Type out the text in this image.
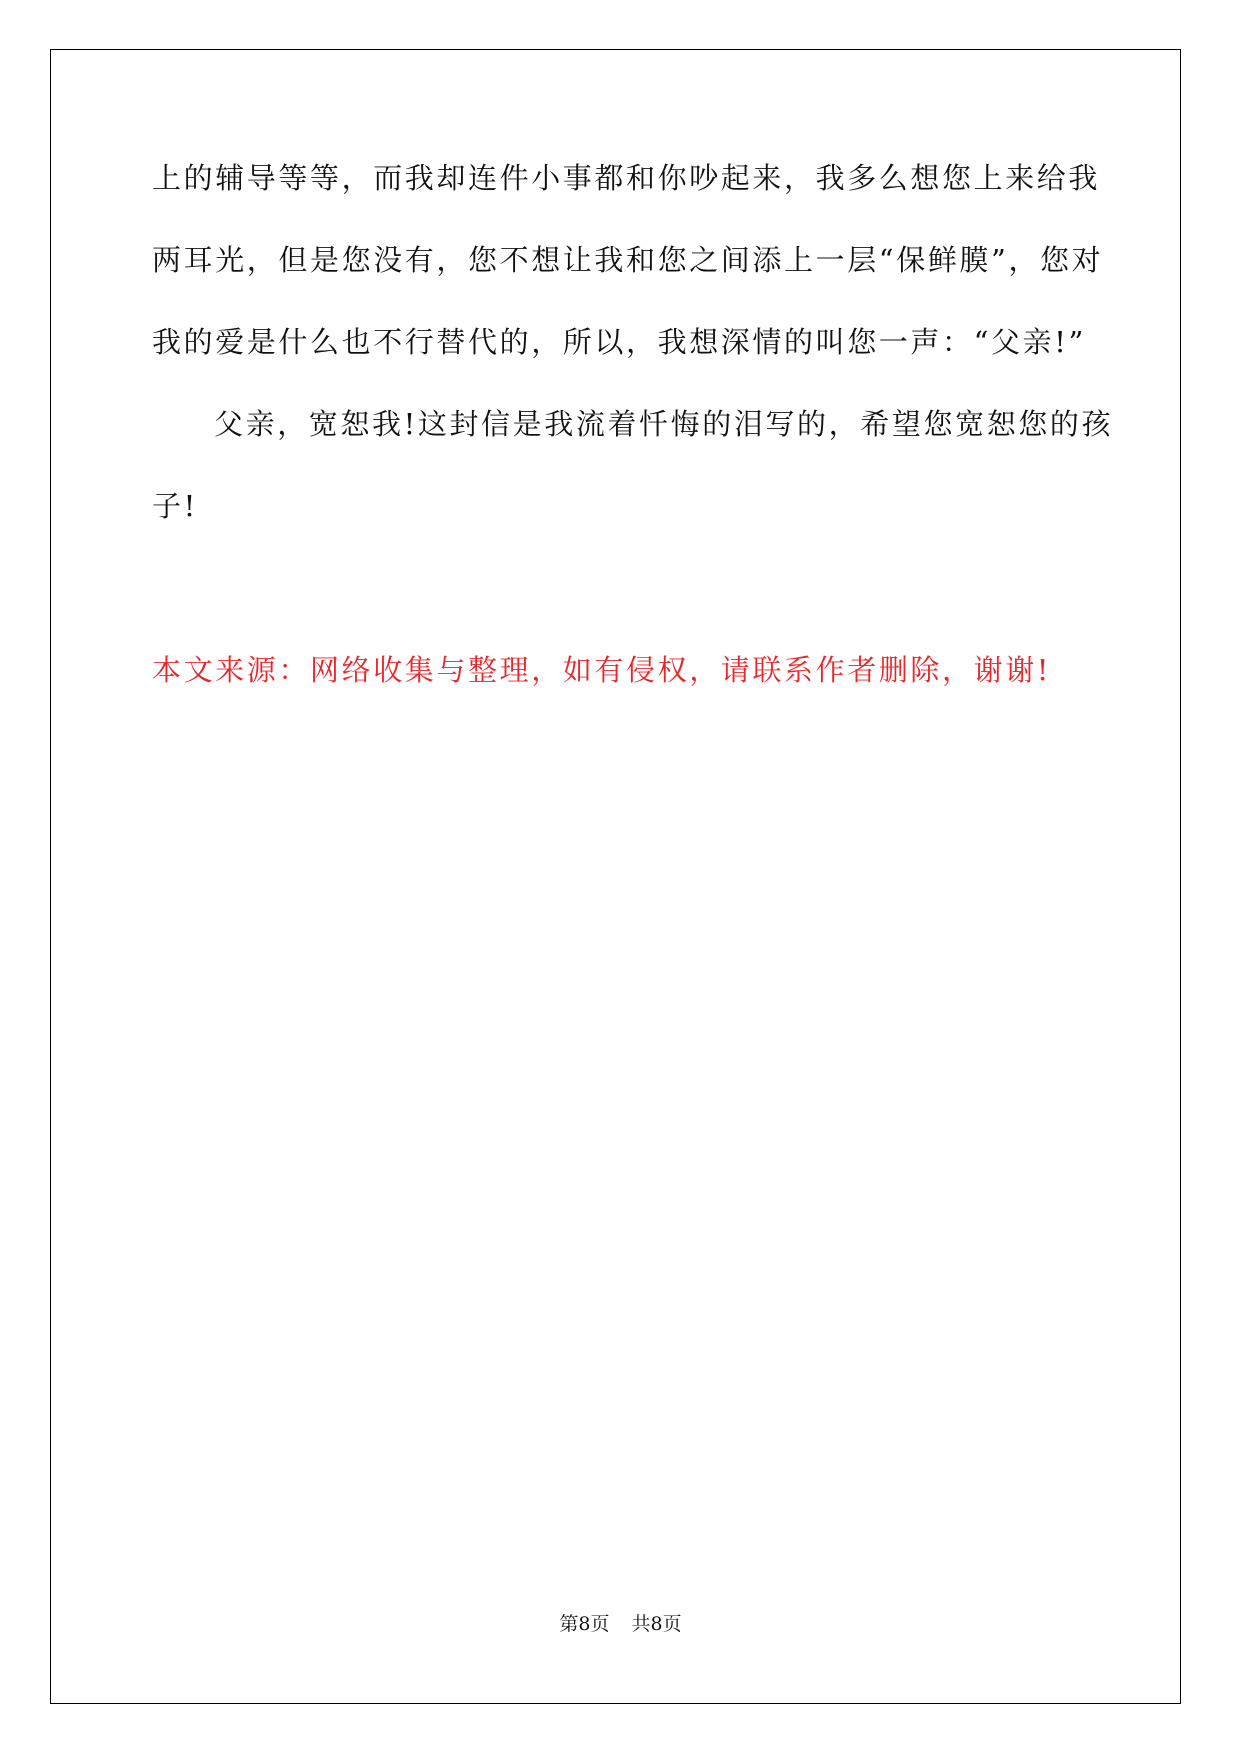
上的辅导等等，而我却连件小事都和你吵起来，我多么想您上来给我
两耳光，但是您没有，您不想让我和您之间添上一层“保鲜膜”，您对
我的爱是什么也不行替代的，所以，我想深情的叫您一声：“父亲!”
父亲，宽恕我!这封信是我流着忏悔的泪写的，希望您宽恕您的孩
子!
本文来源：网络收集与整理，如有侵权，请联系作者删除，谢谢!
第8页 共8页
